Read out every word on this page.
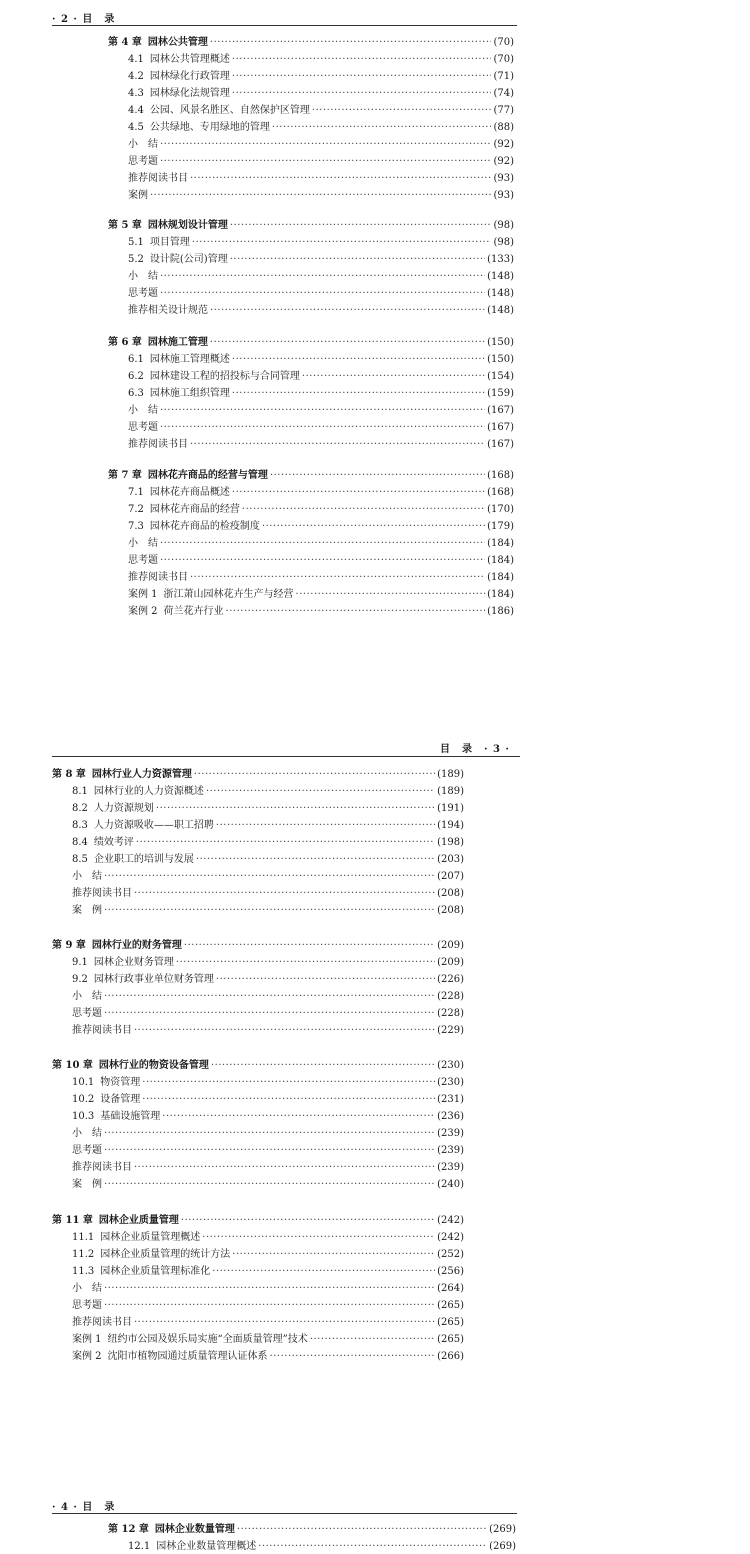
· 2 · 目　录
第 4 章 园林公共管理 ·····	(70)
4.1 园林公共管理概述 ·····	(70)
4.2 园林绿化行政管理 ·····	(71)
4.3 园林绿化法规管理 ·····	(74)
4.4 公园、风景名胜区、自然保护区管理 ·····	(77)
4.5 公共绿地、专用绿地的管理 ·····	(88)
小　结 ·····	(92)
思考题 ·····	(92)
推荐阅读书目 ·····	(93)
案例 ·····	(93)
第 5 章 园林规划设计管理 ·····	(98)
5.1 项目管理 ·····	(98)
5.2 设计院(公司)管理 ·····	(133)
小　结 ·····	(148)
思考题 ·····	(148)
推荐相关设计规范 ·····	(148)
第 6 章 园林施工管理 ·····	(150)
6.1 园林施工管理概述 ·····	(150)
6.2 园林建设工程的招投标与合同管理 ·····	(154)
6.3 园林施工组织管理 ·····	(159)
小　结 ·····	(167)
思考题 ·····	(167)
推荐阅读书目 ·····	(167)
第 7 章 园林花卉商品的经营与管理 ·····	(168)
7.1 园林花卉商品概述 ·····	(168)
7.2 园林花卉商品的经营 ·····	(170)
7.3 园林花卉商品的检疫制度 ·····	(179)
小　结 ·····	(184)
思考题 ·····	(184)
推荐阅读书目 ·····	(184)
案例 1 浙江萧山园林花卉生产与经营 ·····	(184)
案例 2 荷兰花卉行业 ·····	(186)
目　录　· 3 ·
第 8 章 园林行业人力资源管理 ·····	(189)
8.1 园林行业的人力资源概述 ·····	(189)
8.2 人力资源规划 ·····	(191)
8.3 人力资源吸收——职工招聘 ·····	(194)
8.4 绩效考评 ·····	(198)
8.5 企业职工的培训与发展 ·····	(203)
小　结 ·····	(207)
推荐阅读书目 ·····	(208)
案　例 ·····	(208)
第 9 章 园林行业的财务管理 ·····	(209)
9.1 园林企业财务管理 ·····	(209)
9.2 园林行政事业单位财务管理 ·····	(226)
小　结 ·····	(228)
思考题 ·····	(228)
推荐阅读书目 ·····	(229)
第 10 章 园林行业的物资设备管理 ·····	(230)
10.1 物资管理 ·····	(230)
10.2 设备管理 ·····	(231)
10.3 基础设施管理 ·····	(236)
小　结 ·····	(239)
思考题 ·····	(239)
推荐阅读书目 ·····	(239)
案　例 ·····	(240)
第 11 章 园林企业质量管理 ·····	(242)
11.1 园林企业质量管理概述 ·····	(242)
11.2 园林企业质量管理的统计方法 ·····	(252)
11.3 园林企业质量管理标准化 ·····	(256)
小　结 ·····	(264)
思考题 ·····	(265)
推荐阅读书目 ·····	(265)
案例 1 纽约市公园及娱乐局实施“全面质量管理”技术 ·····	(265)
案例 2 沈阳市植物园通过质量管理认证体系 ·····	(266)
· 4 · 目　录
第 12 章 园林企业数量管理 ·····	(269)
12.1 园林企业数量管理概述 ·····	(269)
